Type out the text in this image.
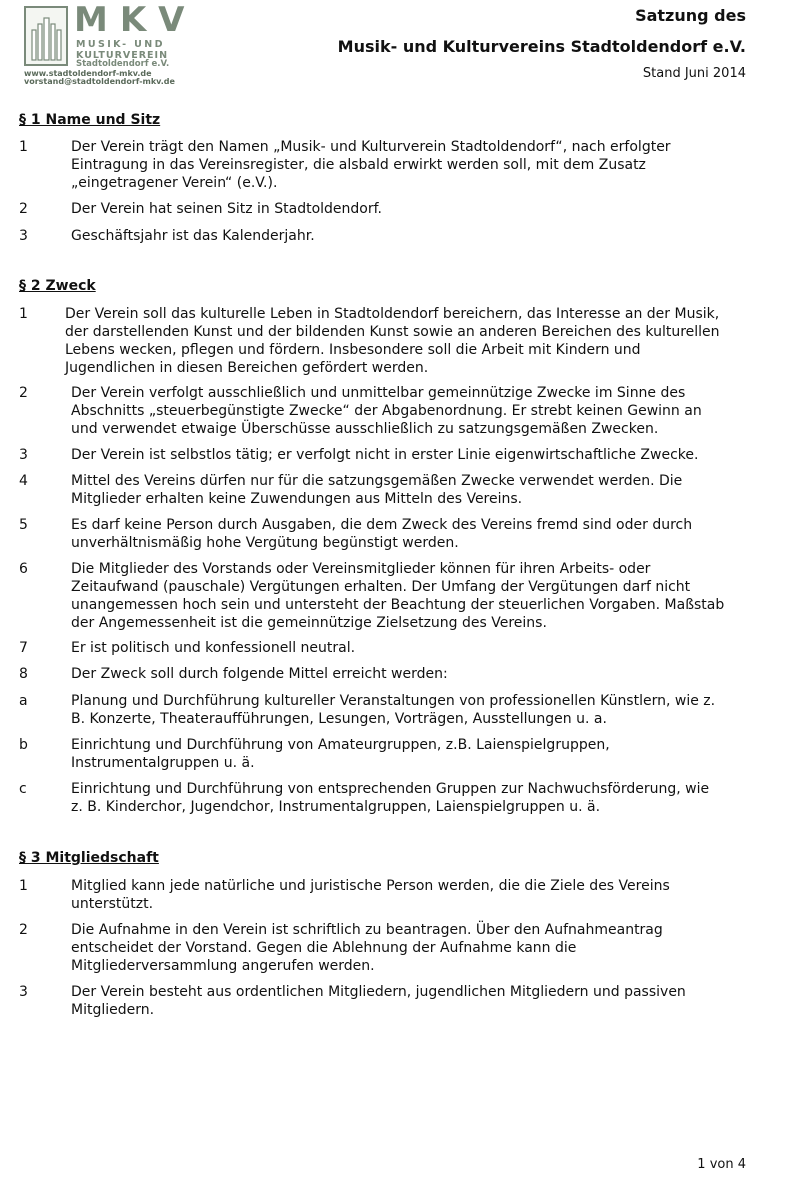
MKV
MUSIK- UND
KULTURVEREIN
Stadtoldendorf e.V.
www.stadtoldendorf-mkv.de
vorstand@stadtoldendorf-mkv.de
Satzung des
Musik- und Kulturvereins Stadtoldendorf e.V.
Stand Juni 2014
§ 1 Name und Sitz
1	Der Verein trägt den Namen „Musik- und Kulturverein Stadtoldendorf“, nach erfolgter
Eintragung in das Vereinsregister, die alsbald erwirkt werden soll, mit dem Zusatz
„eingetragener Verein“ (e.V.).
2	Der Verein hat seinen Sitz in Stadtoldendorf.
3	Geschäftsjahr ist das Kalenderjahr.
§ 2 Zweck
1	Der Verein soll das kulturelle Leben in Stadtoldendorf bereichern, das Interesse an der Musik,
der darstellenden Kunst und der bildenden Kunst sowie an anderen Bereichen des kulturellen
Lebens wecken, pflegen und fördern. Insbesondere soll die Arbeit mit Kindern und
Jugendlichen in diesen Bereichen gefördert werden.
2	Der Verein verfolgt ausschließlich und unmittelbar gemeinnützige Zwecke im Sinne des
Abschnitts „steuerbegünstigte Zwecke“ der Abgabenordnung. Er strebt keinen Gewinn an
und verwendet etwaige Überschüsse ausschließlich zu satzungsgemäßen Zwecken.
3	Der Verein ist selbstlos tätig; er verfolgt nicht in erster Linie eigenwirtschaftliche Zwecke.
4	Mittel des Vereins dürfen nur für die satzungsgemäßen Zwecke verwendet werden. Die
Mitglieder erhalten keine Zuwendungen aus Mitteln des Vereins.
5	Es darf keine Person durch Ausgaben, die dem Zweck des Vereins fremd sind oder durch
unverhältnismäßig hohe Vergütung begünstigt werden.
6	Die Mitglieder des Vorstands oder Vereinsmitglieder können für ihren Arbeits- oder
Zeitaufwand (pauschale) Vergütungen erhalten. Der Umfang der Vergütungen darf nicht
unangemessen hoch sein und untersteht der Beachtung der steuerlichen Vorgaben. Maßstab
der Angemessenheit ist die gemeinnützige Zielsetzung des Vereins.
7	Er ist politisch und konfessionell neutral.
8	Der Zweck soll durch folgende Mittel erreicht werden:
a	Planung und Durchführung kultureller Veranstaltungen von professionellen Künstlern, wie z.
B. Konzerte, Theateraufführungen, Lesungen, Vorträgen, Ausstellungen u. a.
b	Einrichtung und Durchführung von Amateurgruppen, z.B. Laienspielgruppen,
Instrumentalgruppen u. ä.
c	Einrichtung und Durchführung von entsprechenden Gruppen zur Nachwuchsförderung, wie
z. B. Kinderchor, Jugendchor, Instrumentalgruppen, Laienspielgruppen u. ä.
§ 3 Mitgliedschaft
1	Mitglied kann jede natürliche und juristische Person werden, die die Ziele des Vereins
unterstützt.
2	Die Aufnahme in den Verein ist schriftlich zu beantragen. Über den Aufnahmeantrag
entscheidet der Vorstand. Gegen die Ablehnung der Aufnahme kann die
Mitgliederversammlung angerufen werden.
3	Der Verein besteht aus ordentlichen Mitgliedern, jugendlichen Mitgliedern und passiven
Mitgliedern.
1 von 4
